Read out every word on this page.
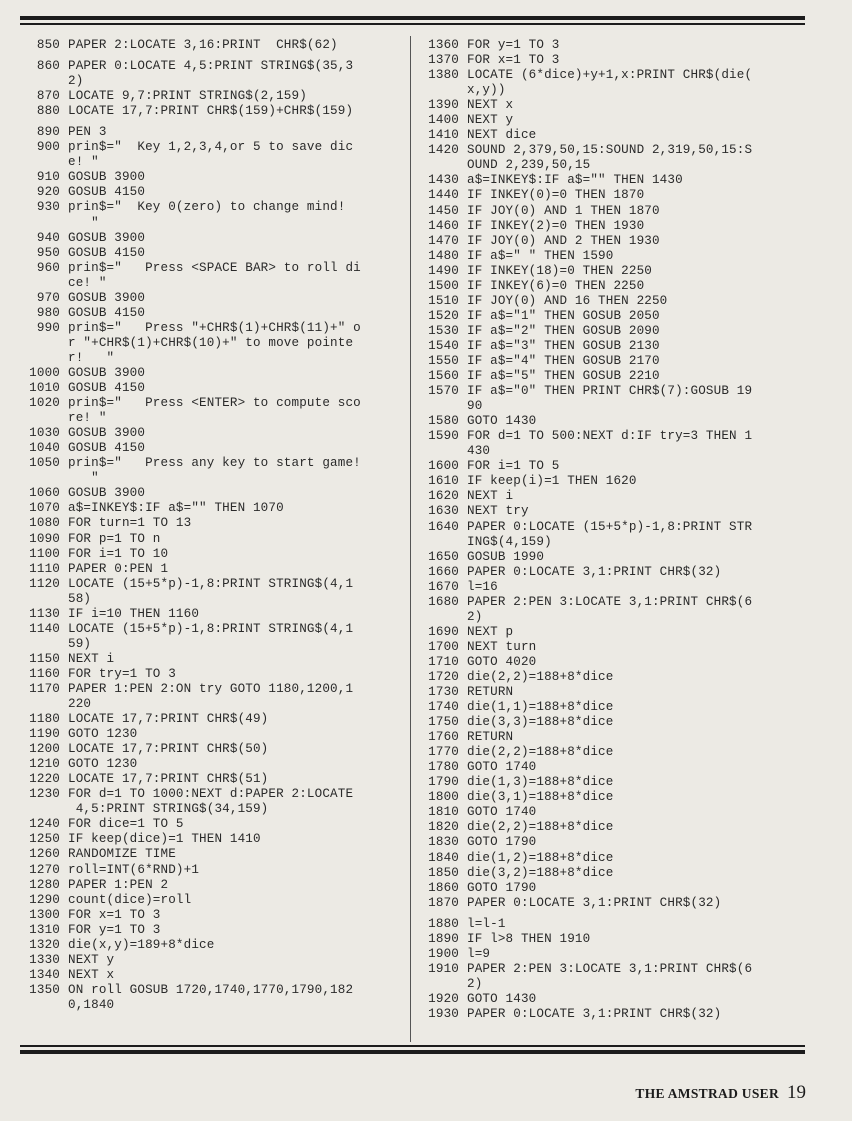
850 PAPER 2:LOCATE 3,16:PRINT  CHR$(62)
860 PAPER 0:LOCATE 4,5:PRINT STRING$(35,3
2)
870 LOCATE 9,7:PRINT STRING$(2,159)
880 LOCATE 17,7:PRINT CHR$(159)+CHR$(159)
890 PEN 3
900 prin$="  Key 1,2,3,4,or 5 to save dic
e! "
910 GOSUB 3900
920 GOSUB 4150
930 prin$="  Key 0(zero) to change mind!
"
940 GOSUB 3900
950 GOSUB 4150
960 prin$="   Press <SPACE BAR> to roll di
ce! "
970 GOSUB 3900
980 GOSUB 4150
990 prin$="   Press "+CHR$(1)+CHR$(11)+" o
r "+CHR$(1)+CHR$(10)+" to move pointe
r!   "
1000 GOSUB 3900
1010 GOSUB 4150
1020 prin$="   Press <ENTER> to compute sco
re! "
1030 GOSUB 3900
1040 GOSUB 4150
1050 prin$="   Press any key to start game!
"
1060 GOSUB 3900
1070 a$=INKEY$:IF a$="" THEN 1070
1080 FOR turn=1 TO 13
1090 FOR p=1 TO n
1100 FOR i=1 TO 10
1110 PAPER 0:PEN 1
1120 LOCATE (15+5*p)-1,8:PRINT STRING$(4,1
58)
1130 IF i=10 THEN 1160
1140 LOCATE (15+5*p)-1,8:PRINT STRING$(4,1
59)
1150 NEXT i
1160 FOR try=1 TO 3
1170 PAPER 1:PEN 2:ON try GOTO 1180,1200,1
220
1180 LOCATE 17,7:PRINT CHR$(49)
1190 GOTO 1230
1200 LOCATE 17,7:PRINT CHR$(50)
1210 GOTO 1230
1220 LOCATE 17,7:PRINT CHR$(51)
1230 FOR d=1 TO 1000:NEXT d:PAPER 2:LOCATE
4,5:PRINT STRING$(34,159)
1240 FOR dice=1 TO 5
1250 IF keep(dice)=1 THEN 1410
1260 RANDOMIZE TIME
1270 roll=INT(6*RND)+1
1280 PAPER 1:PEN 2
1290 count(dice)=roll
1300 FOR x=1 TO 3
1310 FOR y=1 TO 3
1320 die(x,y)=189+8*dice
1330 NEXT y
1340 NEXT x
1350 ON roll GOSUB 1720,1740,1770,1790,182
0,1840
1360 FOR y=1 TO 3
1370 FOR x=1 TO 3
1380 LOCATE (6*dice)+y+1,x:PRINT CHR$(die(
x,y))
1390 NEXT x
1400 NEXT y
1410 NEXT dice
1420 SOUND 2,379,50,15:SOUND 2,319,50,15:S
OUND 2,239,50,15
1430 a$=INKEY$:IF a$="" THEN 1430
1440 IF INKEY(0)=0 THEN 1870
1450 IF JOY(0) AND 1 THEN 1870
1460 IF INKEY(2)=0 THEN 1930
1470 IF JOY(0) AND 2 THEN 1930
1480 IF a$=" " THEN 1590
1490 IF INKEY(18)=0 THEN 2250
1500 IF INKEY(6)=0 THEN 2250
1510 IF JOY(0) AND 16 THEN 2250
1520 IF a$="1" THEN GOSUB 2050
1530 IF a$="2" THEN GOSUB 2090
1540 IF a$="3" THEN GOSUB 2130
1550 IF a$="4" THEN GOSUB 2170
1560 IF a$="5" THEN GOSUB 2210
1570 IF a$="0" THEN PRINT CHR$(7):GOSUB 19
90
1580 GOTO 1430
1590 FOR d=1 TO 500:NEXT d:IF try=3 THEN 1
430
1600 FOR i=1 TO 5
1610 IF keep(i)=1 THEN 1620
1620 NEXT i
1630 NEXT try
1640 PAPER 0:LOCATE (15+5*p)-1,8:PRINT STR
ING$(4,159)
1650 GOSUB 1990
1660 PAPER 0:LOCATE 3,1:PRINT CHR$(32)
1670 l=16
1680 PAPER 2:PEN 3:LOCATE 3,1:PRINT CHR$(6
2)
1690 NEXT p
1700 NEXT turn
1710 GOTO 4020
1720 die(2,2)=188+8*dice
1730 RETURN
1740 die(1,1)=188+8*dice
1750 die(3,3)=188+8*dice
1760 RETURN
1770 die(2,2)=188+8*dice
1780 GOTO 1740
1790 die(1,3)=188+8*dice
1800 die(3,1)=188+8*dice
1810 GOTO 1740
1820 die(2,2)=188+8*dice
1830 GOTO 1790
1840 die(1,2)=188+8*dice
1850 die(3,2)=188+8*dice
1860 GOTO 1790
1870 PAPER 0:LOCATE 3,1:PRINT CHR$(32)
1880 l=l-1
1890 IF l>8 THEN 1910
1900 l=9
1910 PAPER 2:PEN 3:LOCATE 3,1:PRINT CHR$(6
2)
1920 GOTO 1430
1930 PAPER 0:LOCATE 3,1:PRINT CHR$(32)
THE AMSTRAD USER 19
